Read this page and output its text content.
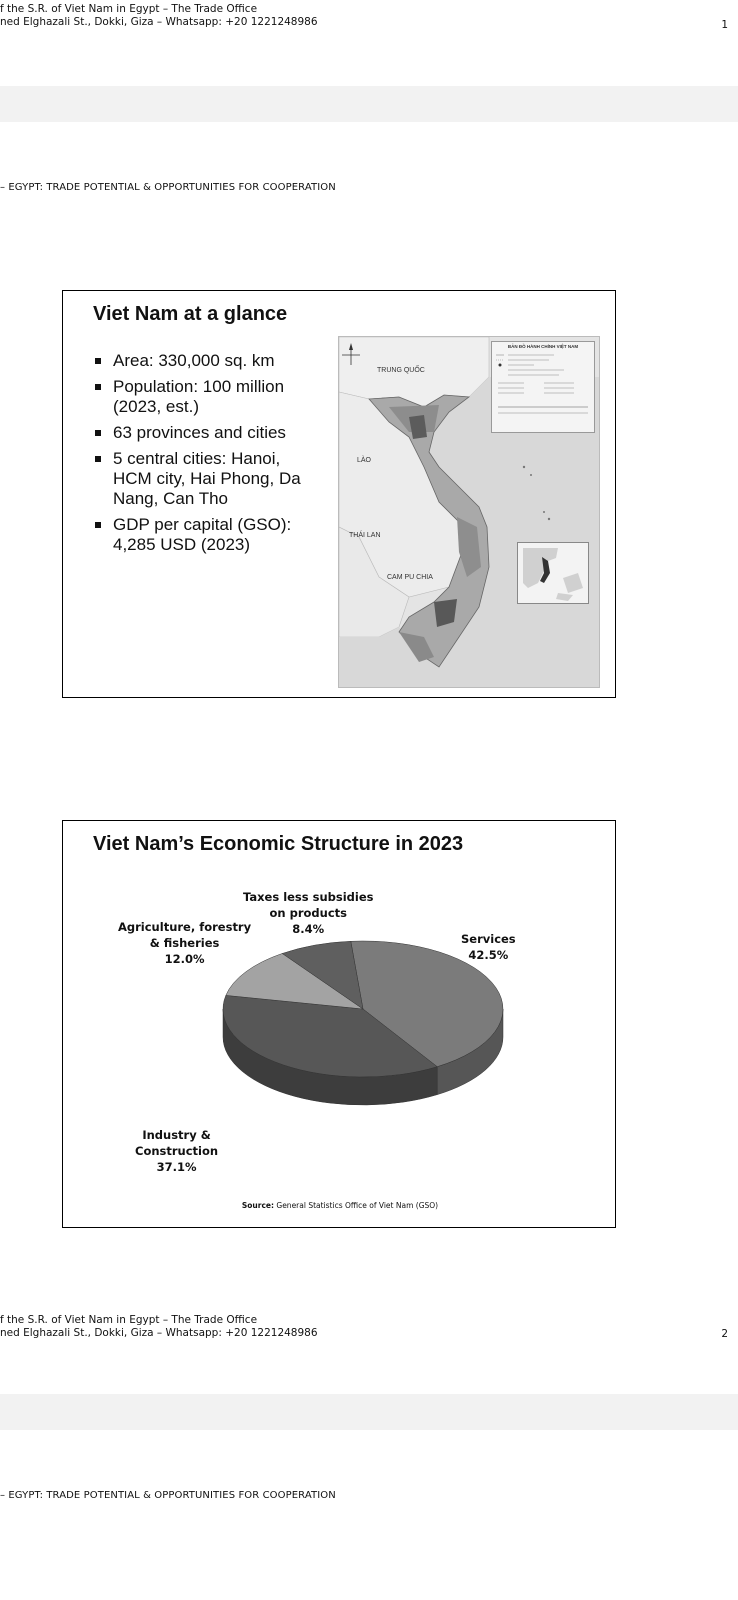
f the S.R. of Viet Nam in Egypt – The Trade Office
ned Elghazali St., Dokki, Giza – Whatsapp: +20 1221248986	1
– EGYPT: TRADE POTENTIAL & OPPORTUNITIES FOR COOPERATION
Viet Nam at a glance
Area: 330,000 sq. km
Population: 100 million (2023, est.)
63 provinces and cities
5 central cities: Hanoi, HCM city, Hai Phong, Da Nang, Can Tho
GDP per capital (GSO): 4,285 USD (2023)
TRUNG QUỐC
LÀO
THÁI LAN
CAM PU CHIA
BẢN ĐỒ HÀNH CHÍNH VIỆT NAM
Viet Nam’s Economic Structure in 2023
Taxes less subsidies
on products
8.4%
Agriculture, forestry
& fisheries
12.0%
Services
42.5%
Industry &
Construction
37.1%
Source: General Statistics Office of Viet Nam (GSO)
f the S.R. of Viet Nam in Egypt – The Trade Office
ned Elghazali St., Dokki, Giza – Whatsapp: +20 1221248986	2
– EGYPT: TRADE POTENTIAL & OPPORTUNITIES FOR COOPERATION
